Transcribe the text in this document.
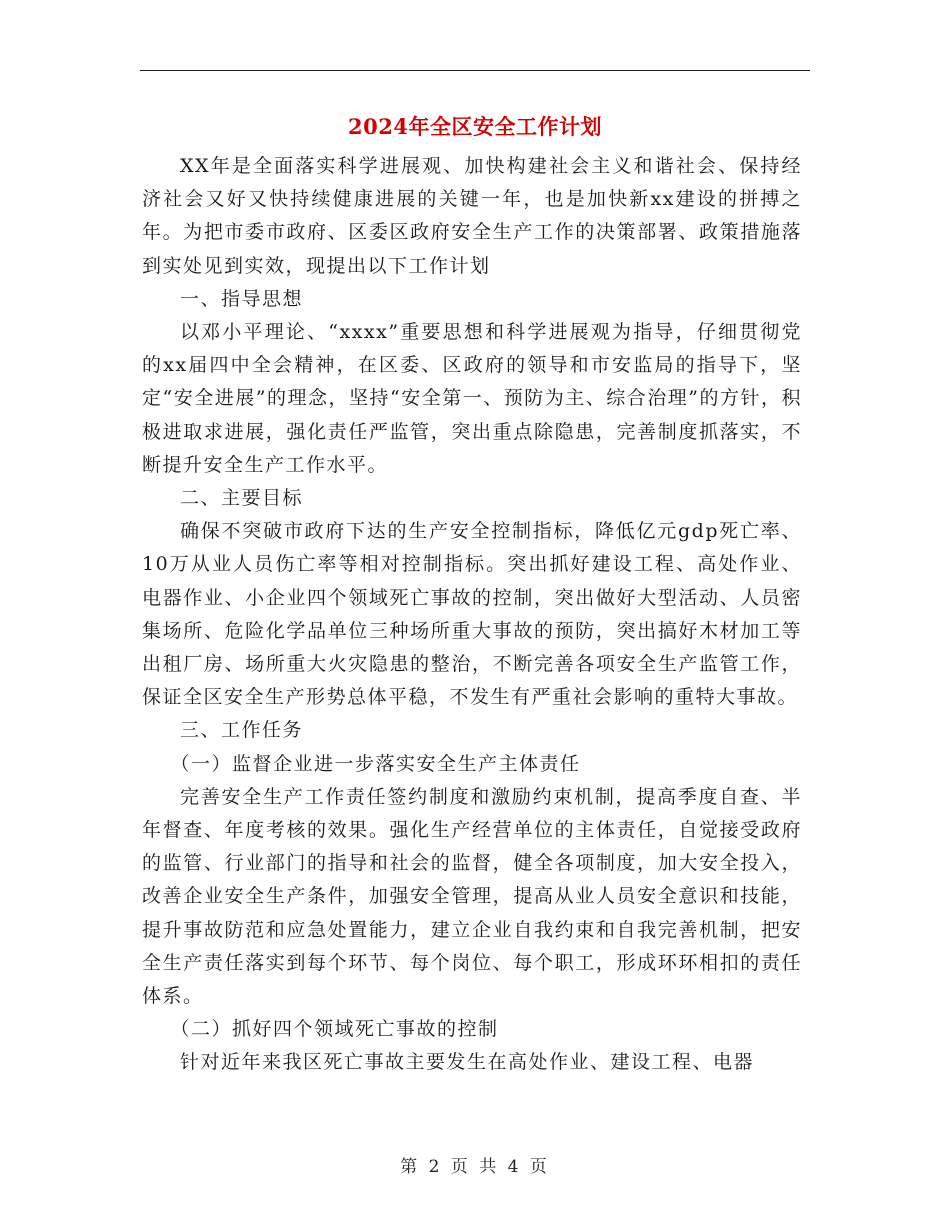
2024年全区安全工作计划

XX年是全面落实科学进展观、加快构建社会主义和谐社会、保持经济社会又好又快持续健康进展的关键一年，也是加快新xx建设的拼搏之年。为把市委市政府、区委区政府安全生产工作的决策部署、政策措施落到实处见到实效，现提出以下工作计划

一、指导思想

以邓小平理论、“xxxx”重要思想和科学进展观为指导，仔细贯彻党的xx届四中全会精神，在区委、区政府的领导和市安监局的指导下，坚定“安全进展”的理念，坚持“安全第一、预防为主、综合治理”的方针，积极进取求进展，强化责任严监管，突出重点除隐患，完善制度抓落实，不断提升安全生产工作水平。

二、主要目标

确保不突破市政府下达的生产安全控制指标，降低亿元gdp死亡率、10万从业人员伤亡率等相对控制指标。突出抓好建设工程、高处作业、电器作业、小企业四个领域死亡事故的控制，突出做好大型活动、人员密集场所、危险化学品单位三种场所重大事故的预防，突出搞好木材加工等出租厂房、场所重大火灾隐患的整治，不断完善各项安全生产监管工作，保证全区安全生产形势总体平稳，不发生有严重社会影响的重特大事故。

三、工作任务

（一）监督企业进一步落实安全生产主体责任

完善安全生产工作责任签约制度和激励约束机制，提高季度自查、半年督查、年度考核的效果。强化生产经营单位的主体责任，自觉接受政府的监管、行业部门的指导和社会的监督，健全各项制度，加大安全投入，改善企业安全生产条件，加强安全管理，提高从业人员安全意识和技能，提升事故防范和应急处置能力，建立企业自我约束和自我完善机制，把安全生产责任落实到每个环节、每个岗位、每个职工，形成环环相扣的责任体系。

（二）抓好四个领域死亡事故的控制

针对近年来我区死亡事故主要发生在高处作业、建设工程、电器

第 2 页 共 4 页
